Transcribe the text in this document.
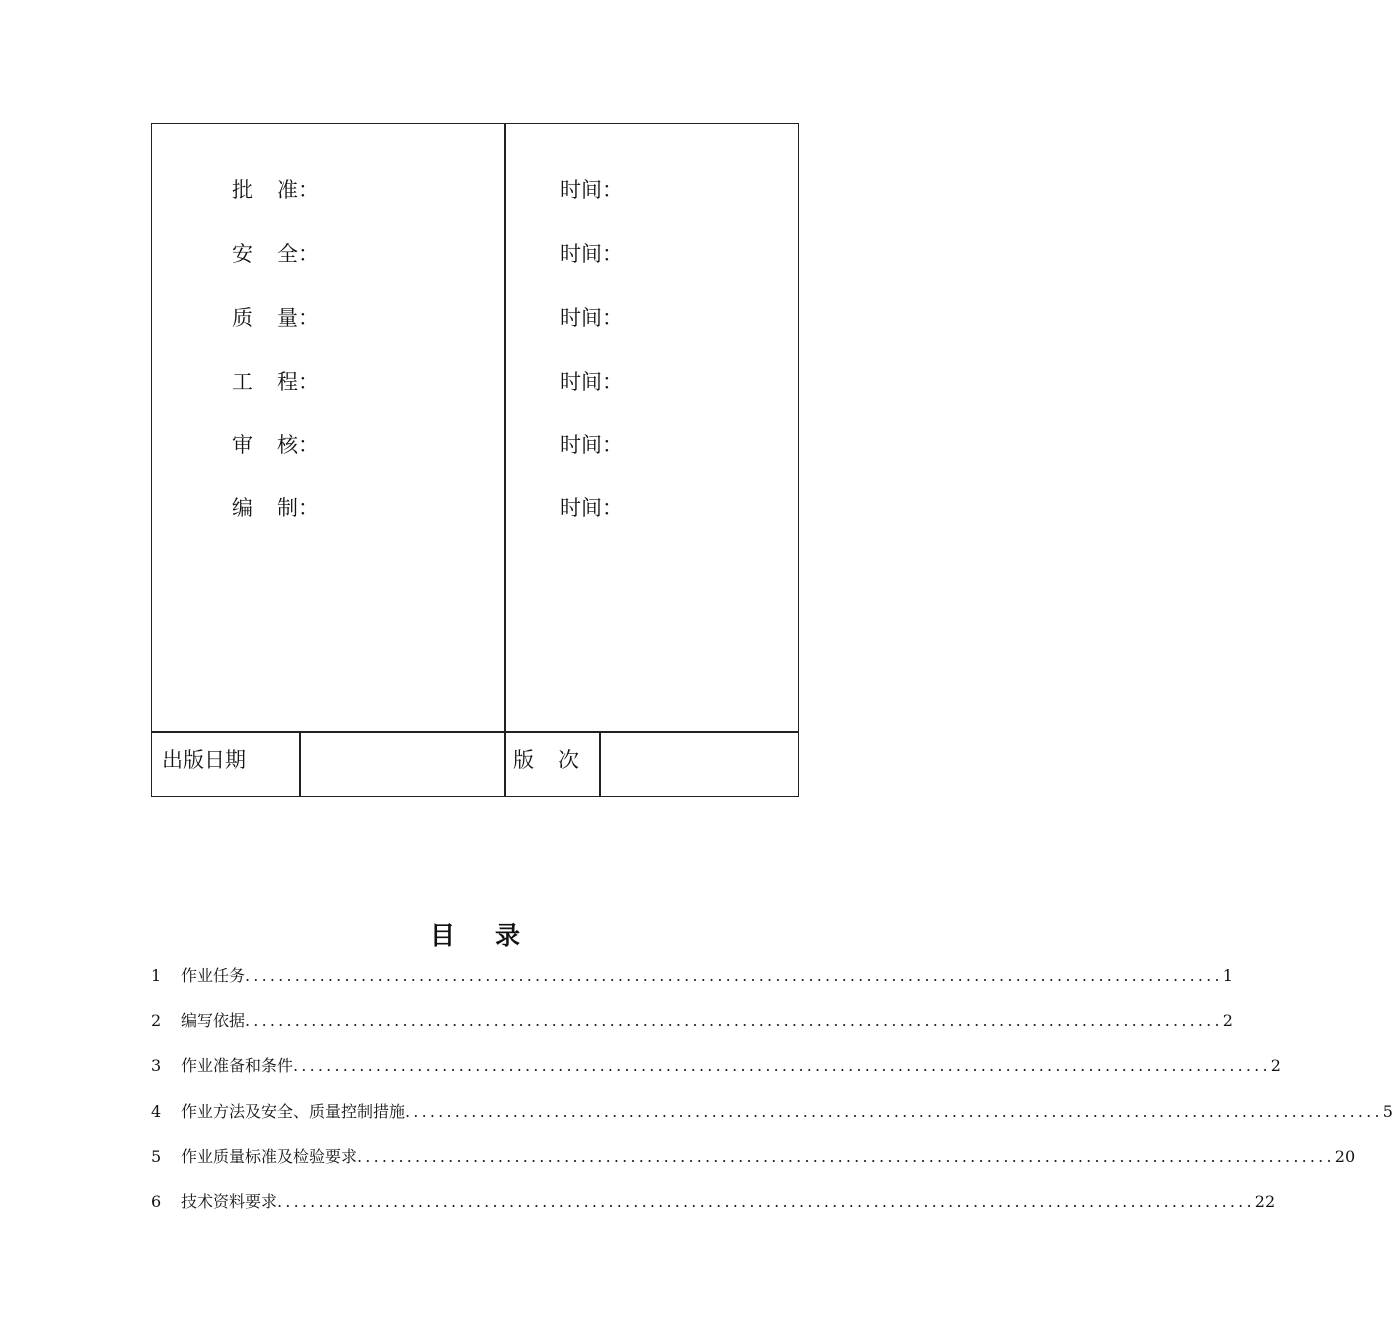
批 准：	时间：
安 全：	时间：
质 量：	时间：
工 程：	时间：
审 核：	时间：
编 制：	时间：
出版日期	版 次
目 录
1	作业任务 ...................................................................................................................... 1
2	编写依据 ...................................................................................................................... 2
3	作业准备和条件 ...................................................................................................................... 2
4	作业方法及安全、质量控制措施 ...................................................................................................................... 5
5	作业质量标准及检验要求 ...................................................................................................................... 20
6	技术资料要求 ...................................................................................................................... 22
